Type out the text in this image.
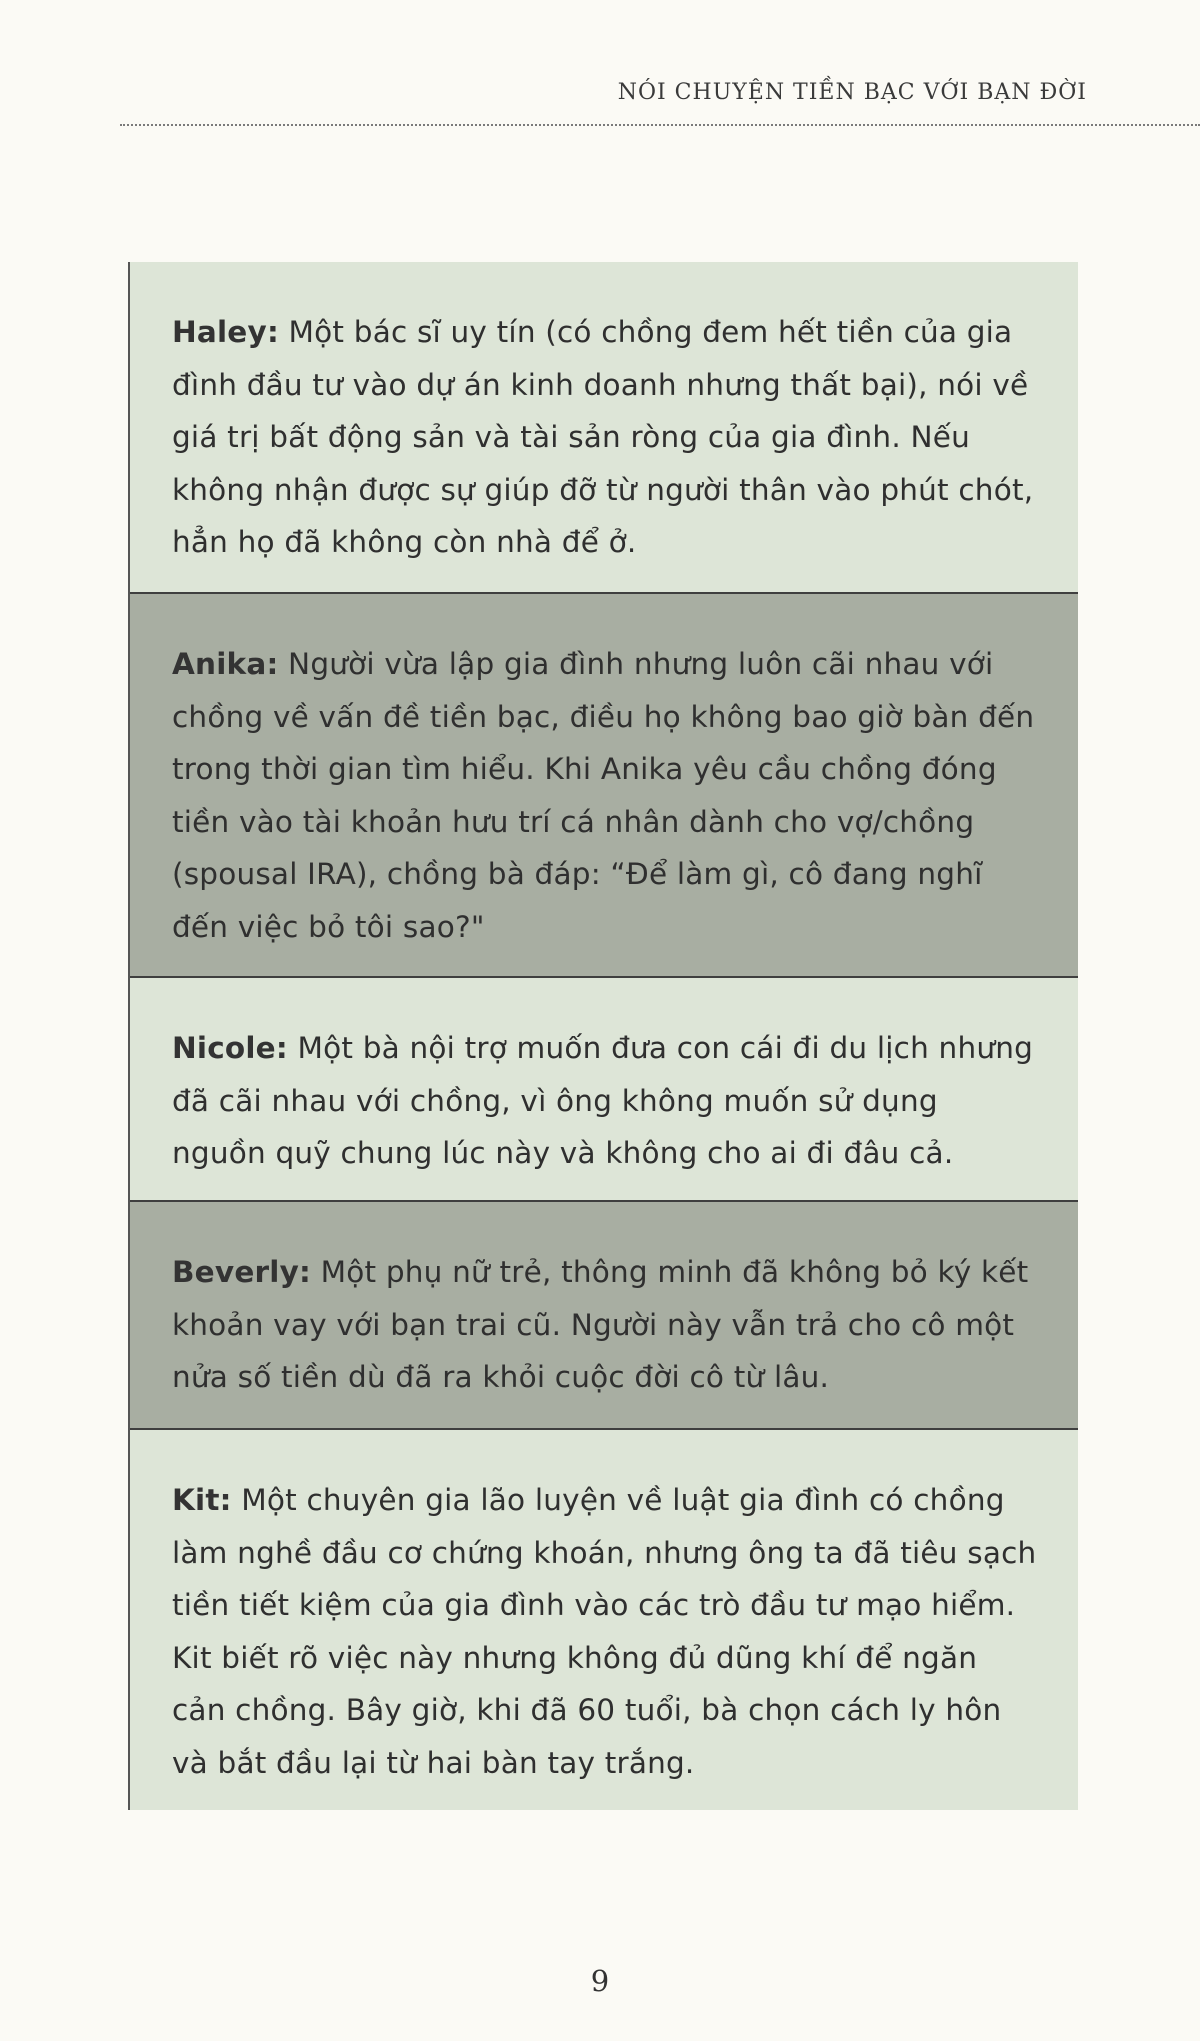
NÓI CHUYỆN TIỀN BẠC VỚI BẠN ĐỜI
Haley: Một bác sĩ uy tín (có chồng đem hết tiền của gia đình đầu tư vào dự án kinh doanh nhưng thất bại), nói về giá trị bất động sản và tài sản ròng của gia đình. Nếu không nhận được sự giúp đỡ từ người thân vào phút chót, hẳn họ đã không còn nhà để ở.
Anika: Người vừa lập gia đình nhưng luôn cãi nhau với chồng về vấn đề tiền bạc, điều họ không bao giờ bàn đến trong thời gian tìm hiểu. Khi Anika yêu cầu chồng đóng tiền vào tài khoản hưu trí cá nhân dành cho vợ/chồng (spousal IRA), chồng bà đáp: “Để làm gì, cô đang nghĩ đến việc bỏ tôi sao?"
Nicole: Một bà nội trợ muốn đưa con cái đi du lịch nhưng đã cãi nhau với chồng, vì ông không muốn sử dụng nguồn quỹ chung lúc này và không cho ai đi đâu cả.
Beverly: Một phụ nữ trẻ, thông minh đã không bỏ ký kết khoản vay với bạn trai cũ. Người này vẫn trả cho cô một nửa số tiền dù đã ra khỏi cuộc đời cô từ lâu.
Kit: Một chuyên gia lão luyện về luật gia đình có chồng làm nghề đầu cơ chứng khoán, nhưng ông ta đã tiêu sạch tiền tiết kiệm của gia đình vào các trò đầu tư mạo hiểm. Kit biết rõ việc này nhưng không đủ dũng khí để ngăn cản chồng. Bây giờ, khi đã 60 tuổi, bà chọn cách ly hôn và bắt đầu lại từ hai bàn tay trắng.
9
